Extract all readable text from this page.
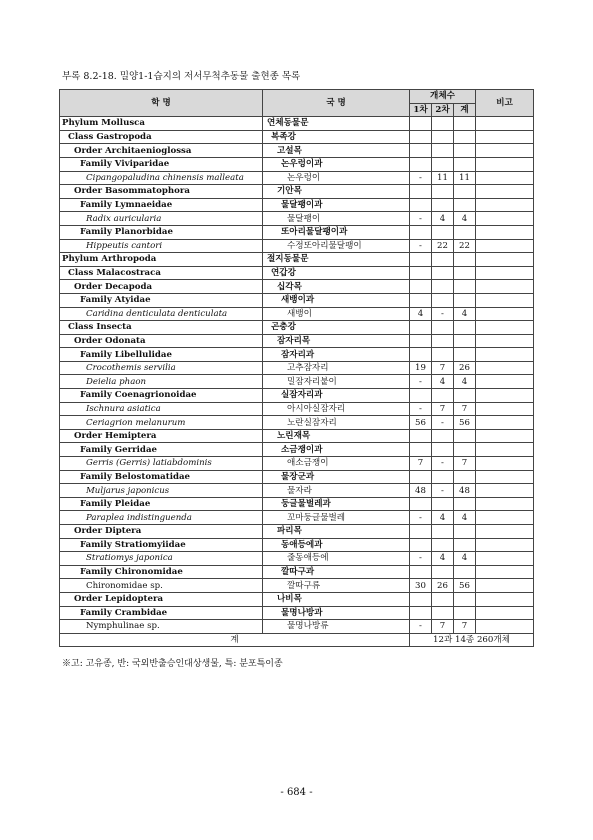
부록 8.2-18. 밀양1-1습지의 저서무척추동물 출현종 목록
학 명	국 명	개체수			비고
		1차	2차	계	
Phylum Mollusca	연체동물문				
Class Gastropoda	복족강				
Order Architaenioglossa	고설목				
Family Viviparidae	논우렁이과				
Cipangopaludina chinensis malleata	논우렁이	-	11	11	
Order Basommatophora	기안목				
Family Lymnaeidae	물달팽이과				
Radix auricularia	물달팽이	-	4	4	
Family Planorbidae	또아리물달팽이과				
Hippeutis cantori	수정또아리물달팽이	-	22	22	
Phylum Arthropoda	절지동물문				
Class Malacostraca	연갑강				
Order Decapoda	십각목				
Family Atyidae	새뱅이과				
Caridina denticulata denticulata	새뱅이	4	-	4	
Class Insecta	곤충강				
Order Odonata	잠자리목				
Family Libellulidae	잠자리과				
Crocothemis servilia	고추잠자리	19	7	26	
Deielia phaon	밀잠자리붙이	-	4	4	
Family Coenagrionoidae	실잠자리과				
Ischnura asiatica	아시아실잠자리	-	7	7	
Ceriagrion melanurum	노란실잠자리	56	-	56	
Order Hemiptera	노린재목				
Family Gerridae	소금쟁이과				
Gerris (Gerris) latiabdominis	애소금쟁이	7	-	7	
Family Belostomatidae	물장군과				
Muljarus japonicus	물자라	48	-	48	
Family Pleidae	둥글물벌레과				
Paraplea indistinguenda	꼬마둥글물벌레	-	4	4	
Order Diptera	파리목				
Family Stratiomyiidae	동애등에과				
Stratiomys japonica	줄동애등에	-	4	4	
Family Chironomidae	깔따구과				
Chironomidae sp.	깔따구류	30	26	56	
Order Lepidoptera	나비목				
Family Crambidae	물명나방과				
Nymphulinae sp.	물명나방류	-	7	7	
계		12과 14종 260개체			
※고: 고유종, 반: 국외반출승인대상생물, 특: 분포특이종
- 684 -
